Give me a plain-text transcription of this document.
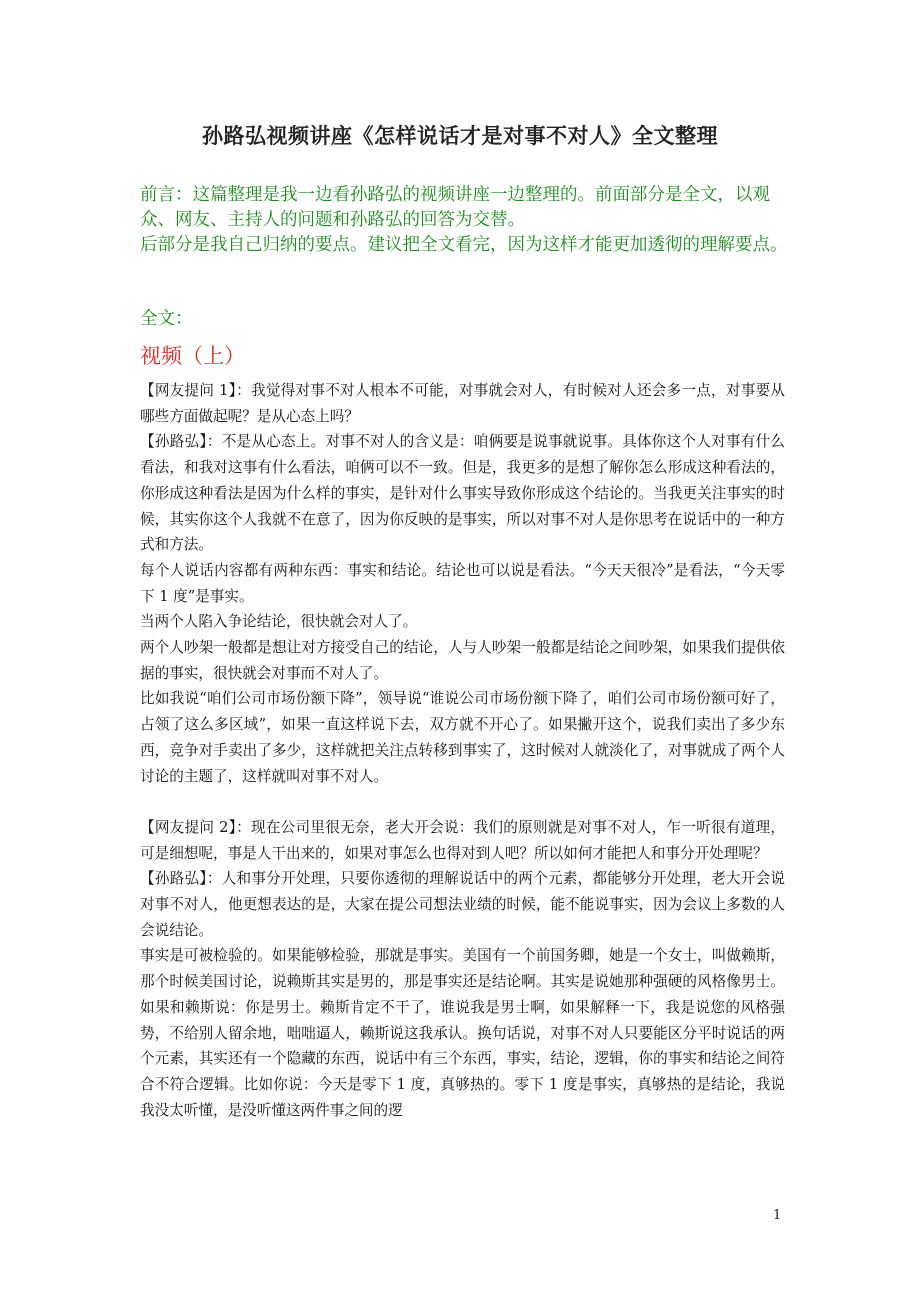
孙路弘视频讲座《怎样说话才是对事不对人》全文整理

前言：这篇整理是我一边看孙路弘的视频讲座一边整理的。前面部分是全文，以观众、网友、主持人的问题和孙路弘的回答为交替。

后部分是我自己归纳的要点。建议把全文看完，因为这样才能更加透彻的理解要点。

全文：
视频（上）

【网友提问 1】：我觉得对事不对人根本不可能，对事就会对人，有时候对人还会多一点，对事要从哪些方面做起呢？是从心态上吗？

【孙路弘】：不是从心态上。对事不对人的含义是：咱俩要是说事就说事。具体你这个人对事有什么看法，和我对这事有什么看法，咱俩可以不一致。但是，我更多的是想了解你怎么形成这种看法的，你形成这种看法是因为什么样的事实，是针对什么事实导致你形成这个结论的。当我更关注事实的时候，其实你这个人我就不在意了，因为你反映的是事实，所以对事不对人是你思考在说话中的一种方式和方法。

每个人说话内容都有两种东西：事实和结论。结论也可以说是看法。“今天天很冷”是看法，“今天零下 1 度”是事实。

当两个人陷入争论结论，很快就会对人了。

两个人吵架一般都是想让对方接受自己的结论，人与人吵架一般都是结论之间吵架，如果我们提供依据的事实，很快就会对事而不对人了。

比如我说“咱们公司市场份额下降”，领导说“谁说公司市场份额下降了，咱们公司市场份额可好了，占领了这么多区域”，如果一直这样说下去，双方就不开心了。如果撇开这个，说我们卖出了多少东西，竞争对手卖出了多少，这样就把关注点转移到事实了，这时候对人就淡化了，对事就成了两个人讨论的主题了，这样就叫对事不对人。

【网友提问 2】：现在公司里很无奈，老大开会说：我们的原则就是对事不对人，乍一听很有道理，可是细想呢，事是人干出来的，如果对事怎么也得对到人吧？所以如何才能把人和事分开处理呢？

【孙路弘】：人和事分开处理，只要你透彻的理解说话中的两个元素，都能够分开处理，老大开会说对事不对人，他更想表达的是，大家在提公司想法业绩的时候，能不能说事实，因为会议上多数的人会说结论。

事实是可被检验的。如果能够检验，那就是事实。美国有一个前国务卿，她是一个女士，叫做赖斯，那个时候美国讨论，说赖斯其实是男的，那是事实还是结论啊。其实是说她那种强硬的风格像男士。如果和赖斯说：你是男士。赖斯肯定不干了，谁说我是男士啊，如果解释一下，我是说您的风格强势，不给别人留余地，咄咄逼人，赖斯说这我承认。换句话说，对事不对人只要能区分平时说话的两个元素，其实还有一个隐藏的东西，说话中有三个东西，事实，结论，逻辑，你的事实和结论之间符合不符合逻辑。比如你说：今天是零下 1 度，真够热的。零下 1 度是事实，真够热的是结论，我说我没太听懂，是没听懂这两件事之间的逻

1
